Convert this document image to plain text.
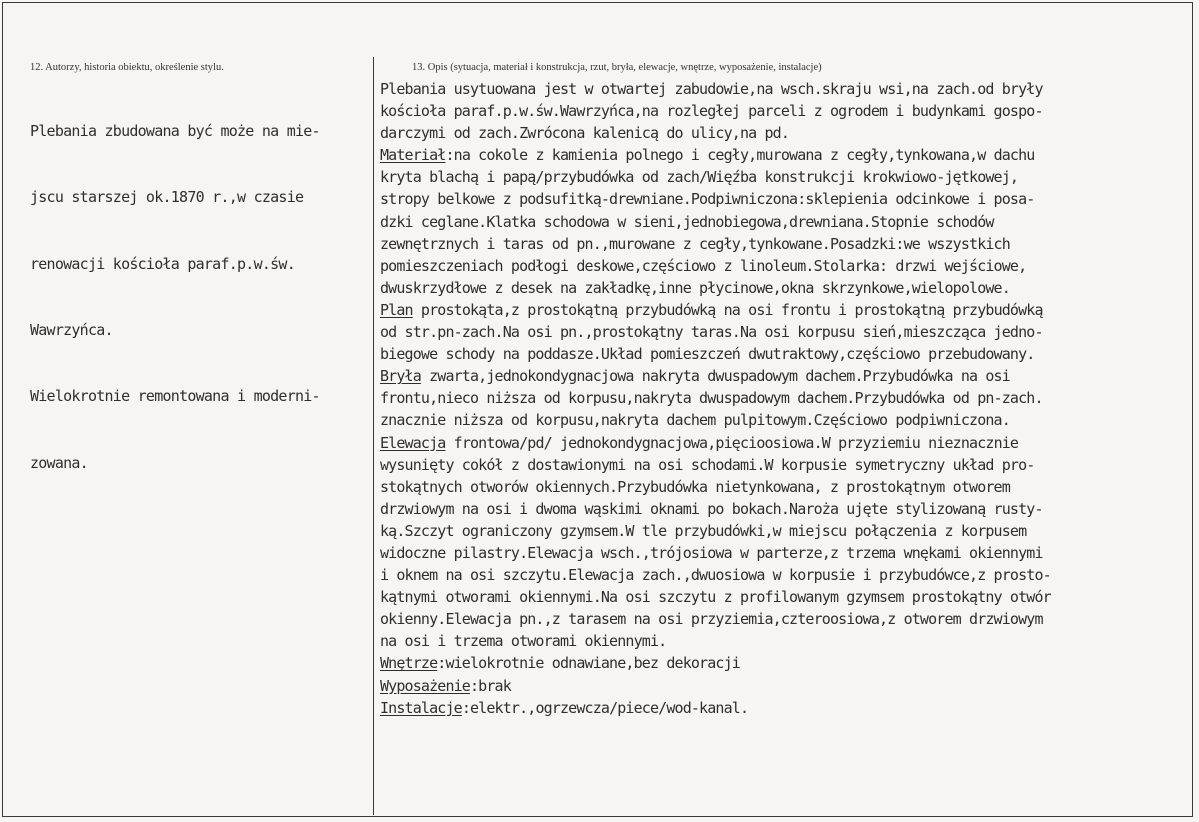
12. Autorzy, historia obiektu, określenie stylu.	13. Opis (sytuacja, materiał i konstrukcja, rzut, bryła, elewacje, wnętrze, wyposażenie, instalacje)

Plebania zbudowana być może na mie-

jscu starszej ok.1870 r.,w czasie

renowacji kościoła paraf.p.w.św.

Wawrzyńca.

Wielokrotnie remontowana i moderni-

zowana.

Plebania usytuowana jest w otwartej zabudowie,na wsch.skraju wsi,na zach.od bryły
kościoła paraf.p.w.św.Wawrzyńca,na rozległej parceli z ogrodem i budynkami gospo-
darczymi od zach.Zwrócona kalenicą do ulicy,na pd.
Materiał:na cokole z kamienia polnego i cegły,murowana z cegły,tynkowana,w dachu
kryta blachą i papą/przybudówka od zach/Więźba konstrukcji krokwiowo-jętkowej,
stropy belkowe z podsufitką-drewniane.Podpiwniczona:sklepienia odcinkowe i posa-
dzki ceglane.Klatka schodowa w sieni,jednobiegowa,drewniana.Stopnie schodów
zewnętrznych i taras od pn.,murowane z cegły,tynkowane.Posadzki:we wszystkich
pomieszczeniach podłogi deskowe,częściowo z linoleum.Stolarka: drzwi wejściowe,
dwuskrzydłowe z desek na zakładkę,inne płycinowe,okna skrzynkowe,wielopolowe.
Plan prostokąta,z prostokątną przybudówką na osi frontu i prostokątną przybudówką
od str.pn-zach.Na osi pn.,prostokątny taras.Na osi korpusu sień,mieszcząca jedno-
biegowe schody na poddasze.Układ pomieszczeń dwutraktowy,częściowo przebudowany.
Bryła zwarta,jednokondygnacjowa nakryta dwuspadowym dachem.Przybudówka na osi
frontu,nieco niższa od korpusu,nakryta dwuspadowym dachem.Przybudówka od pn-zach.
znacznie niższa od korpusu,nakryta dachem pulpitowym.Częściowo podpiwniczona.
Elewacja frontowa/pd/ jednokondygnacjowa,pięcioosiowa.W przyziemiu nieznacznie
wysunięty cokół z dostawionymi na osi schodami.W korpusie symetryczny układ pro-
stokątnych otworów okiennych.Przybudówka nietynkowana, z prostokątnym otworem
drzwiowym na osi i dwoma wąskimi oknami po bokach.Naroża ujęte stylizowaną rusty-
ką.Szczyt ograniczony gzymsem.W tle przybudówki,w miejscu połączenia z korpusem
widoczne pilastry.Elewacja wsch.,trójosiowa w parterze,z trzema wnękami okiennymi
i oknem na osi szczytu.Elewacja zach.,dwuosiowa w korpusie i przybudówce,z prosto-
kątnymi otworami okiennymi.Na osi szczytu z profilowanym gzymsem prostokątny otwór
okienny.Elewacja pn.,z tarasem na osi przyziemia,czteroosiowa,z otworem drzwiowym
na osi i trzema otworami okiennymi.
Wnętrze:wielokrotnie odnawiane,bez dekoracji
Wyposażenie:brak
Instalacje:elektr.,ogrzewcza/piece/wod-kanal.
